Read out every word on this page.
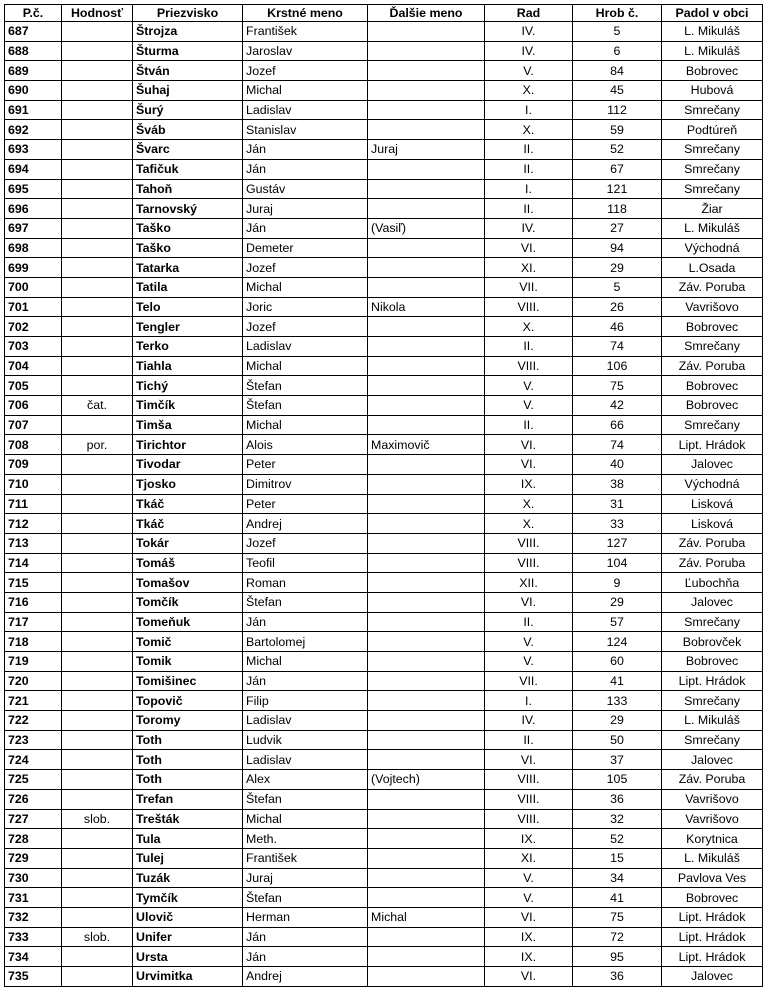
P.č.	Hodnosť	Priezvisko	Krstné meno	Ďalšie meno	Rad	Hrob č.	Padol v obci
687		Štrojza	František		IV.	5	L. Mikuláš
688		Šturma	Jaroslav		IV.	6	L. Mikuláš
689		Štván	Jozef		V.	84	Bobrovec
690		Šuhaj	Michal		X.	45	Hubová
691		Šurý	Ladislav		I.	112	Smrečany
692		Šváb	Stanislav		X.	59	Podtúreň
693		Švarc	Ján	Juraj	II.	52	Smrečany
694		Tafičuk	Ján		II.	67	Smrečany
695		Tahoň	Gustáv		I.	121	Smrečany
696		Tarnovský	Juraj		II.	118	Žiar
697		Taško	Ján	(Vasiľ)	IV.	27	L. Mikuláš
698		Taško	Demeter		VI.	94	Východná
699		Tatarka	Jozef		XI.	29	L.Osada
700		Tatila	Michal		VII.	5	Záv. Poruba
701		Telo	Joric	Nikola	VIII.	26	Vavrišovo
702		Tengler	Jozef		X.	46	Bobrovec
703		Terko	Ladislav		II.	74	Smrečany
704		Tiahla	Michal		VIII.	106	Záv. Poruba
705		Tichý	Štefan		V.	75	Bobrovec
706	čat.	Timčík	Štefan		V.	42	Bobrovec
707		Timša	Michal		II.	66	Smrečany
708	por.	Tirichtor	Alois	Maximovič	VI.	74	Lipt. Hrádok
709		Tivodar	Peter		VI.	40	Jalovec
710		Tjosko	Dimitrov		IX.	38	Východná
711		Tkáč	Peter		X.	31	Lisková
712		Tkáč	Andrej		X.	33	Lisková
713		Tokár	Jozef		VIII.	127	Záv. Poruba
714		Tomáš	Teofil		VIII.	104	Záv. Poruba
715		Tomašov	Roman		XII.	9	Ľubochňa
716		Tomčík	Štefan		VI.	29	Jalovec
717		Tomeňuk	Ján		II.	57	Smrečany
718		Tomič	Bartolomej		V.	124	Bobrovček
719		Tomik	Michal		V.	60	Bobrovec
720		Tomišinec	Ján		VII.	41	Lipt. Hrádok
721		Topovič	Filip		I.	133	Smrečany
722		Toromy	Ladislav		IV.	29	L. Mikuláš
723		Toth	Ludvik		II.	50	Smrečany
724		Toth	Ladislav		VI.	37	Jalovec
725		Toth	Alex	(Vojtech)	VIII.	105	Záv. Poruba
726		Trefan	Štefan		VIII.	36	Vavrišovo
727	slob.	Trešták	Michal		VIII.	32	Vavrišovo
728		Tula	Meth.		IX.	52	Korytnica
729		Tulej	František		XI.	15	L. Mikuláš
730		Tuzák	Juraj		V.	34	Pavlova Ves
731		Tymčík	Štefan		V.	41	Bobrovec
732		Ulovič	Herman	Michal	VI.	75	Lipt. Hrádok
733	slob.	Unifer	Ján		IX.	72	Lipt. Hrádok
734		Ursta	Ján		IX.	95	Lipt. Hrádok
735		Urvimitka	Andrej		VI.	36	Jalovec
